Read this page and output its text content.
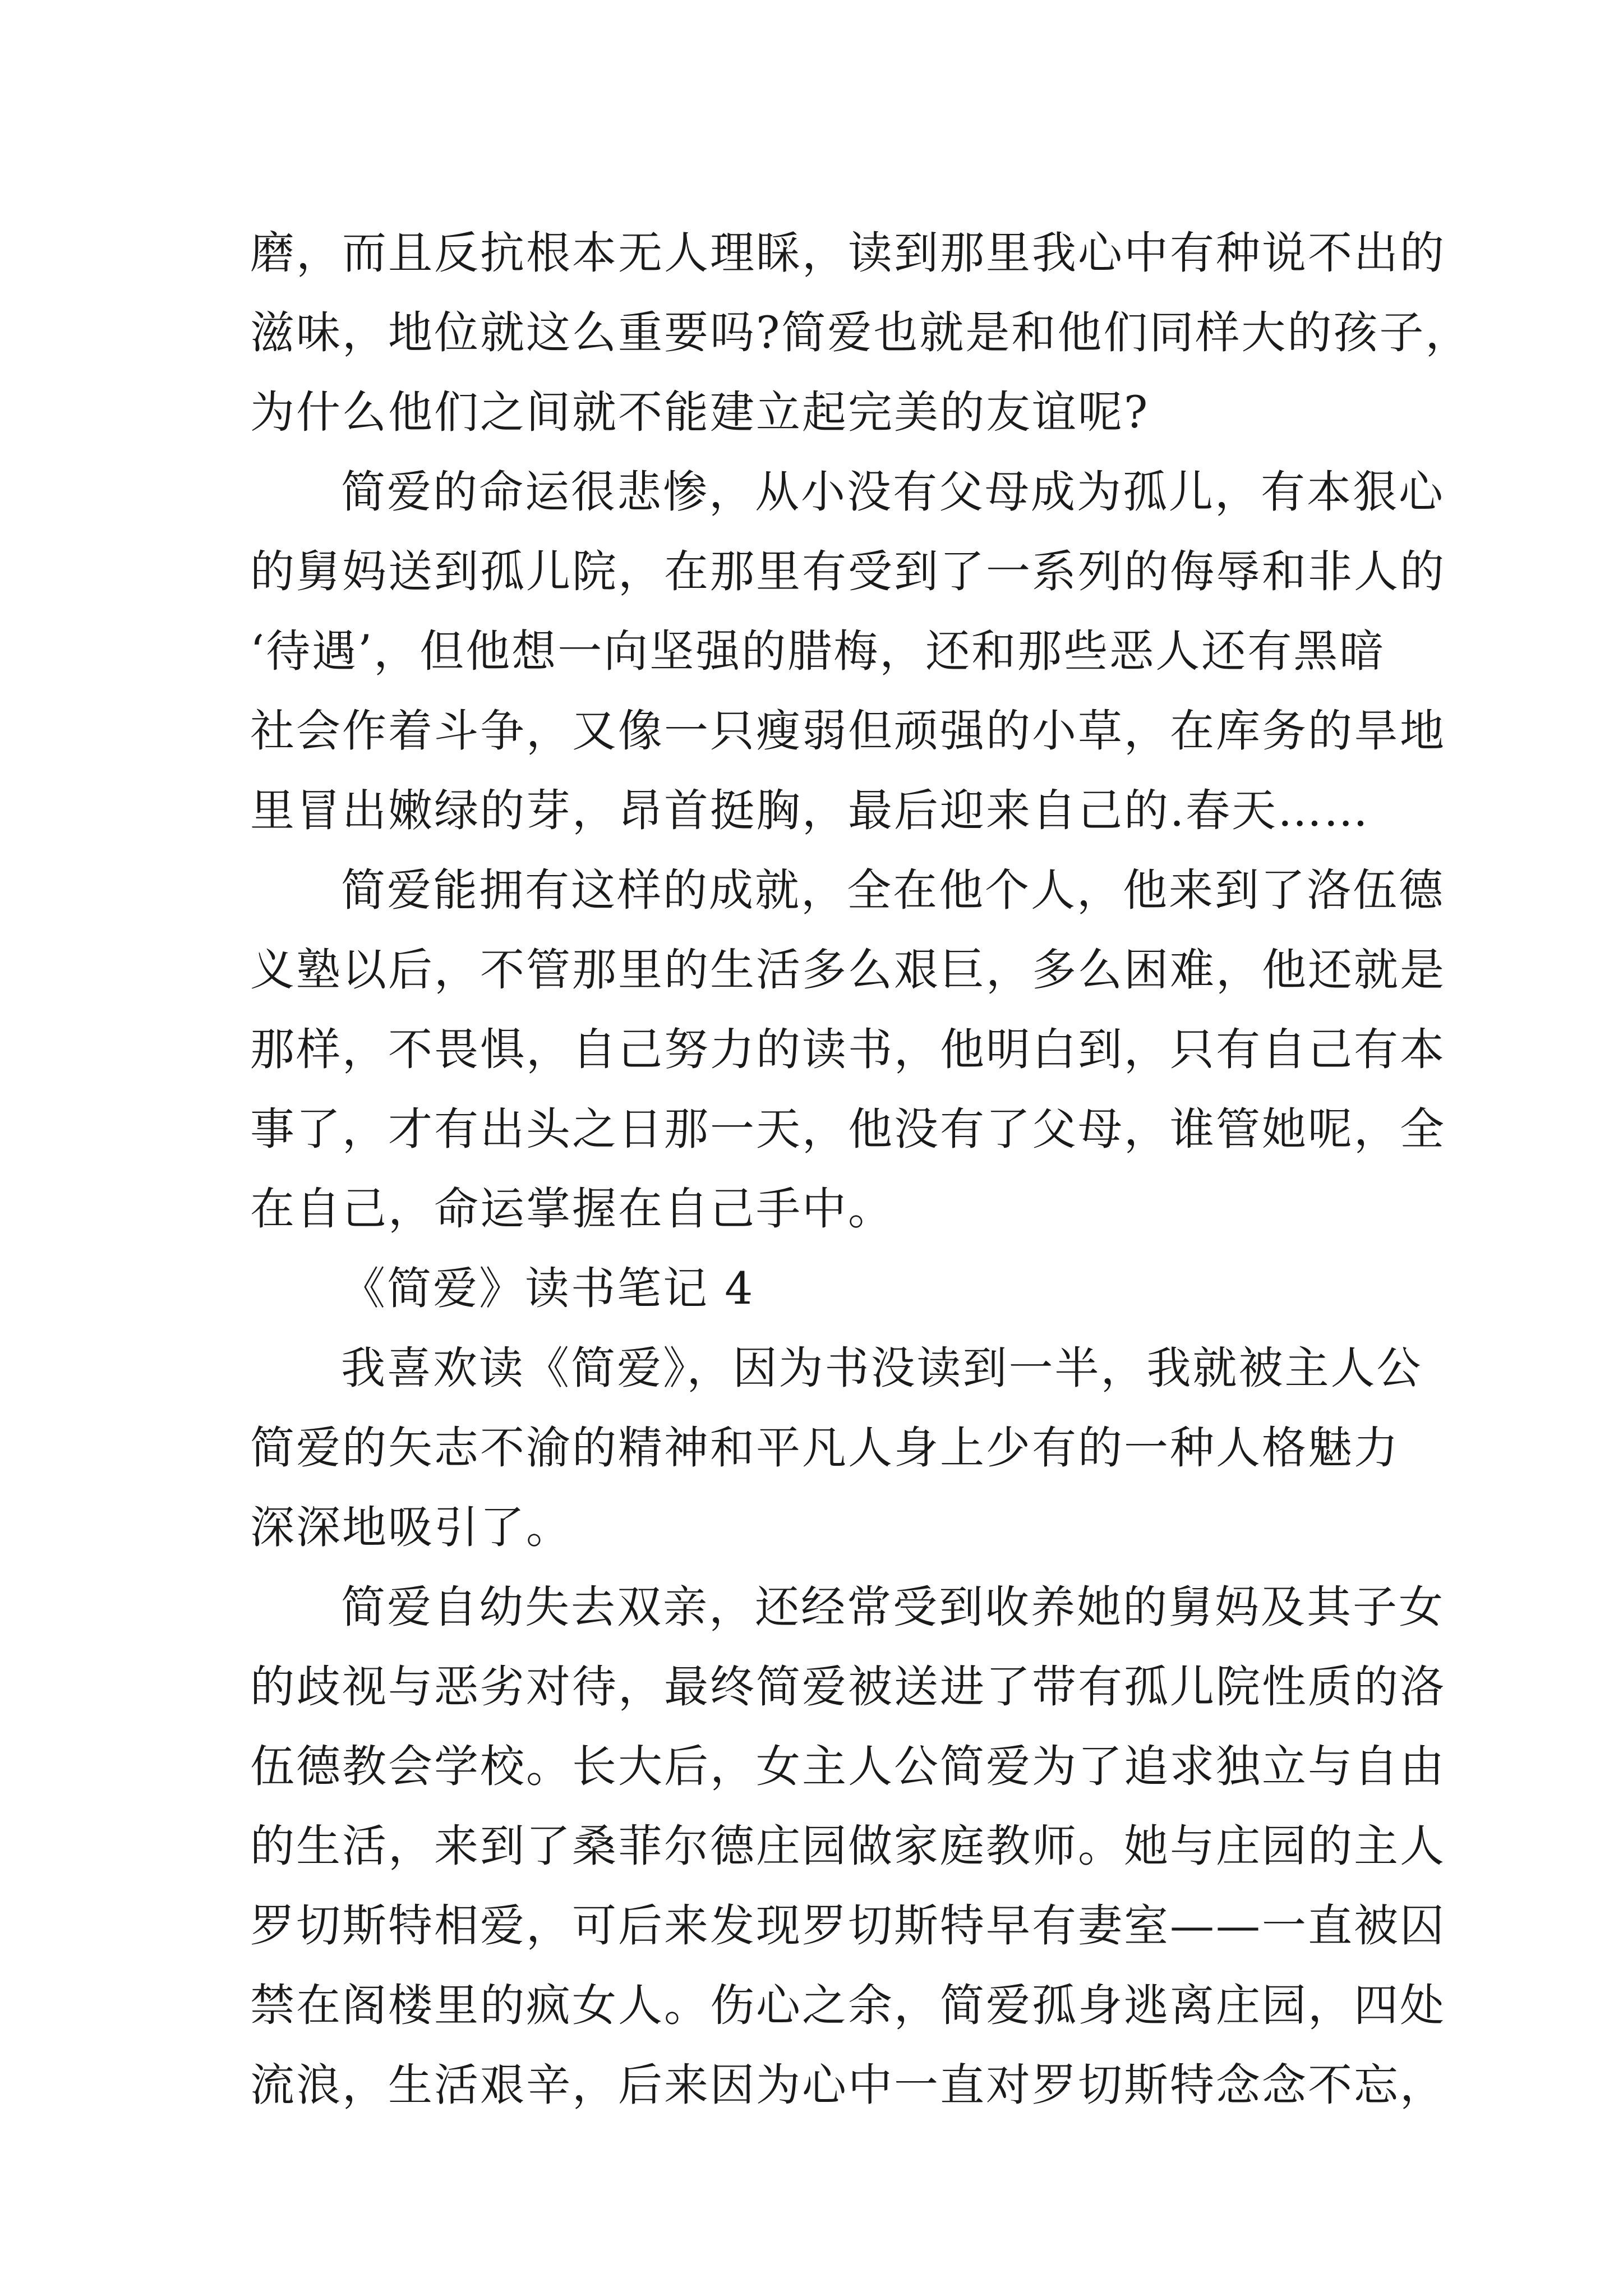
磨，而且反抗根本无人理睬，读到那里我心中有种说不出的
滋味，地位就这么重要吗?简爱也就是和他们同样大的孩子，
为什么他们之间就不能建立起完美的友谊呢?
简爱的命运很悲惨，从小没有父母成为孤儿，有本狠心
的舅妈送到孤儿院，在那里有受到了一系列的侮辱和非人的
‘待遇’，但他想一向坚强的腊梅，还和那些恶人还有黑暗
社会作着斗争，又像一只瘦弱但顽强的小草，在库务的旱地
里冒出嫩绿的芽，昂首挺胸，最后迎来自己的.春天……
简爱能拥有这样的成就，全在他个人，他来到了洛伍德
义塾以后，不管那里的生活多么艰巨，多么困难，他还就是
那样，不畏惧，自己努力的读书，他明白到，只有自己有本
事了，才有出头之日那一天，他没有了父母，谁管她呢，全
在自己，命运掌握在自己手中。
《简爱》读书笔记 4
我喜欢读《简爱》，因为书没读到一半，我就被主人公
简爱的矢志不渝的精神和平凡人身上少有的一种人格魅力
深深地吸引了。
简爱自幼失去双亲，还经常受到收养她的舅妈及其子女
的歧视与恶劣对待，最终简爱被送进了带有孤儿院性质的洛
伍德教会学校。长大后，女主人公简爱为了追求独立与自由
的生活，来到了桑菲尔德庄园做家庭教师。她与庄园的主人
罗切斯特相爱，可后来发现罗切斯特早有妻室——一直被囚
禁在阁楼里的疯女人。伤心之余，简爱孤身逃离庄园，四处
流浪，生活艰辛，后来因为心中一直对罗切斯特念念不忘，
